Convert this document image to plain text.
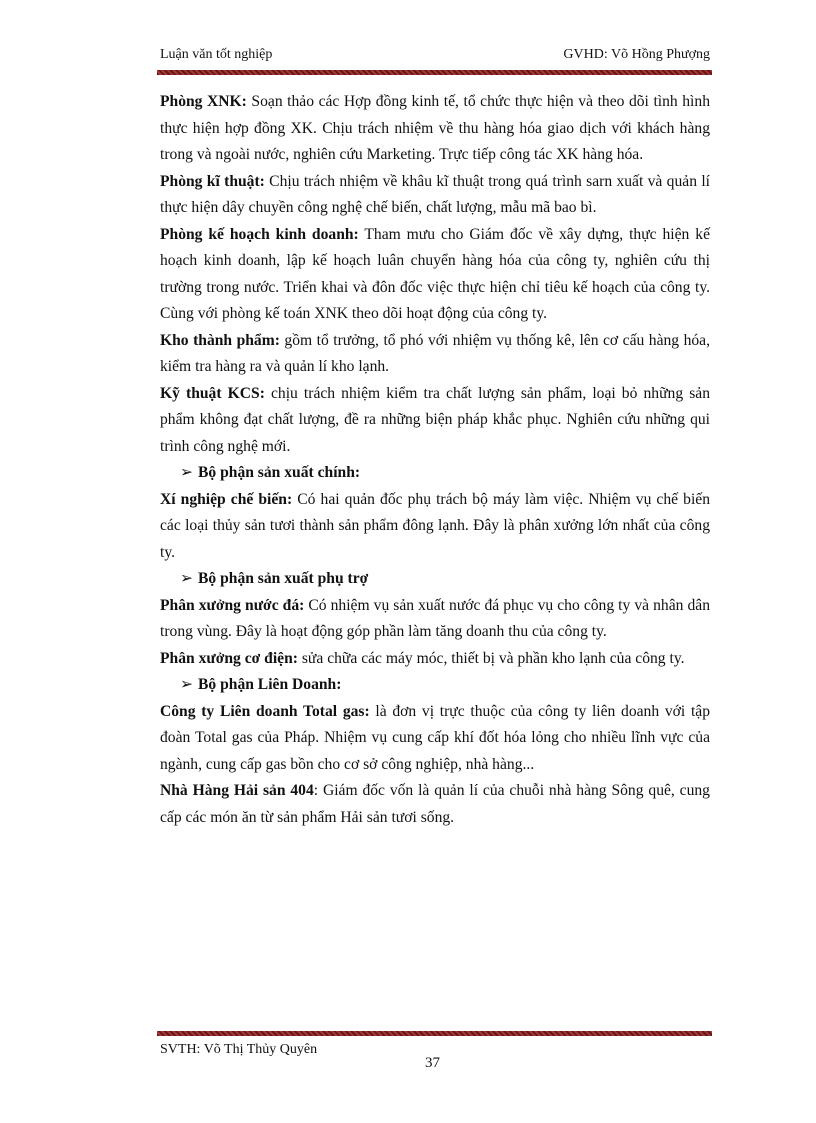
Luận văn tốt nghiệp	GVHD: Võ Hồng Phượng

Phòng XNK: Soạn thảo các Hợp đồng kinh tế, tổ chức thực hiện và theo dõi tình hình thực hiện hợp đồng XK. Chịu trách nhiệm về thu hàng hóa giao dịch với khách hàng trong và ngoài nước, nghiên cứu Marketing. Trực tiếp công tác XK hàng hóa.

Phòng kĩ thuật: Chịu trách nhiệm về khâu kĩ thuật trong quá trình sarn xuất và quản lí thực hiện dây chuyền công nghệ chế biến, chất lượng, mẫu mã bao bì.

Phòng kế hoạch kinh doanh: Tham mưu cho Giám đốc về xây dựng, thực hiện kế hoạch kinh doanh, lập kế hoạch luân chuyển hàng hóa của công ty, nghiên cứu thị trường trong nước. Triển khai và đôn đốc việc thực hiện chỉ tiêu kế hoạch của công ty. Cùng với phòng kế toán XNK theo dõi hoạt động của công ty.

Kho thành phẩm: gồm tổ trưởng, tổ phó với nhiệm vụ thống kê, lên cơ cấu hàng hóa, kiểm tra hàng ra và quản lí kho lạnh.

Kỹ thuật KCS: chịu trách nhiệm kiểm tra chất lượng sản phẩm, loại bỏ những sản phẩm không đạt chất lượng, đề ra những biện pháp khắc phục. Nghiên cứu những qui trình công nghệ mới.

➢ Bộ phận sản xuất chính:

Xí nghiệp chế biến: Có hai quản đốc phụ trách bộ máy làm việc. Nhiệm vụ chế biến các loại thủy sản tươi thành sản phẩm đông lạnh. Đây là phân xưởng lớn nhất của công ty.

➢ Bộ phận sản xuất phụ trợ

Phân xưởng nước đá: Có nhiệm vụ sản xuất nước đá phục vụ cho công ty và nhân dân trong vùng. Đây là hoạt động góp phần làm tăng doanh thu của công ty.

Phân xưởng cơ điện: sửa chữa các máy móc, thiết bị và phần kho lạnh của công ty.

➢ Bộ phận Liên Doanh:

Công ty Liên doanh Total gas: là đơn vị trực thuộc của công ty liên doanh với tập đoàn Total gas của Pháp. Nhiệm vụ cung cấp khí đốt hóa lỏng cho nhiều lĩnh vực của ngành, cung cấp gas bồn cho cơ sở công nghiệp, nhà hàng...

Nhà Hàng Hải sản 404: Giám đốc vốn là quản lí của chuỗi nhà hàng Sông quê, cung cấp các món ăn từ sản phẩm Hải sản tươi sống.

SVTH: Võ Thị Thủy Quyên
37
